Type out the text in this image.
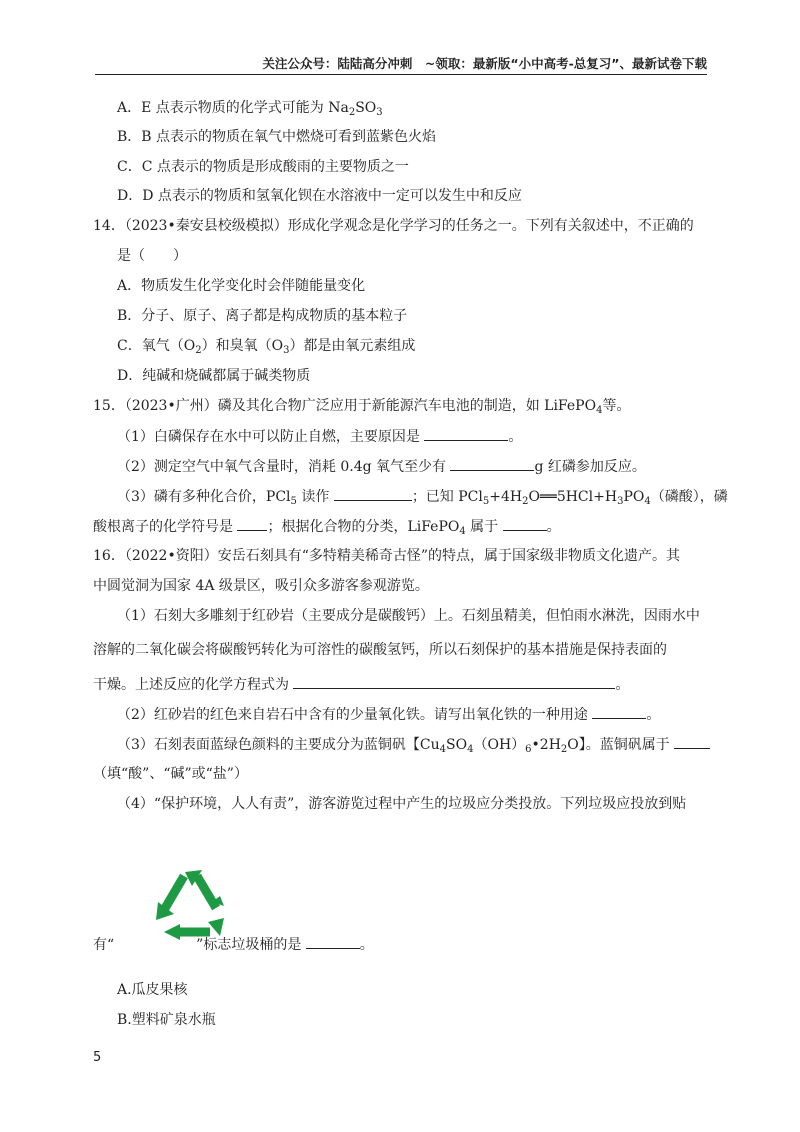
关注公众号：陆陆高分冲刺　~领取：最新版“小中高考-总复习”、最新试卷下载
A．E 点表示物质的化学式可能为 $Na_2SO_3$
B．B 点表示的物质在氧气中燃烧可看到蓝紫色火焰
C．C 点表示的物质是形成酸雨的主要物质之一
D．D 点表示的物质和氢氧化钡在水溶液中一定可以发生中和反应
14．（2023•秦安县校级模拟）形成化学观念是化学学习的任务之一。下列有关叙述中，不正确的
是（　　）
A．物质发生化学变化时会伴随能量变化
B．分子、原子、离子都是构成物质的基本粒子
C．氧气$(O_2)$和臭氧$(O_3)$都是由氧元素组成
D．纯碱和烧碱都属于碱类物质
15．（2023•广州）磷及其化合物广泛应用于新能源汽车电池的制造，如 LiFePO$_4$等。
（1）白磷保存在水中可以防止自燃，主要原因是	。
（2）测定空气中氧气含量时，消耗 0.4g 氧气至少有	g 红磷参加反应。
（3）磷有多种化合价，PCl$_5$ 读作	；已知 $PCl_5+4H_2O══5HCl+H_3PO_4$（磷酸），磷
酸根离子的化学符号是 ；根据化合物的分类，LiFePO$_4$ 属于	。
16．（2022•资阳）安岳石刻具有“多特精美稀奇古怪”的特点，属于国家级非物质文化遗产。其
中圆觉洞为国家 4A 级景区，吸引众多游客参观游览。
（1）石刻大多雕刻于红砂岩（主要成分是碳酸钙）上。石刻虽精美，但怕雨水淋洗，因雨水中
溶解的二氧化碳会将碳酸钙转化为可溶性的碳酸氢钙，所以石刻保护的基本措施是保持表面的
干燥。上述反应的化学方程式为	。
（2）红砂岩的红色来自岩石中含有的少量氧化铁。请写出氧化铁的一种用途	。
（3）石刻表面蓝绿色颜料的主要成分为蓝铜矾【$Cu_4SO_4(OH)_6•2H_2O$】。蓝铜矾属于
（填“酸”、“碱”或“盐”）
（4）“保护环境，人人有责”，游客游览过程中产生的垃圾应分类投放。下列垃圾应投放到贴
有“	”标志垃圾桶的是	。
A.瓜皮果核
B.塑料矿泉水瓶
5
